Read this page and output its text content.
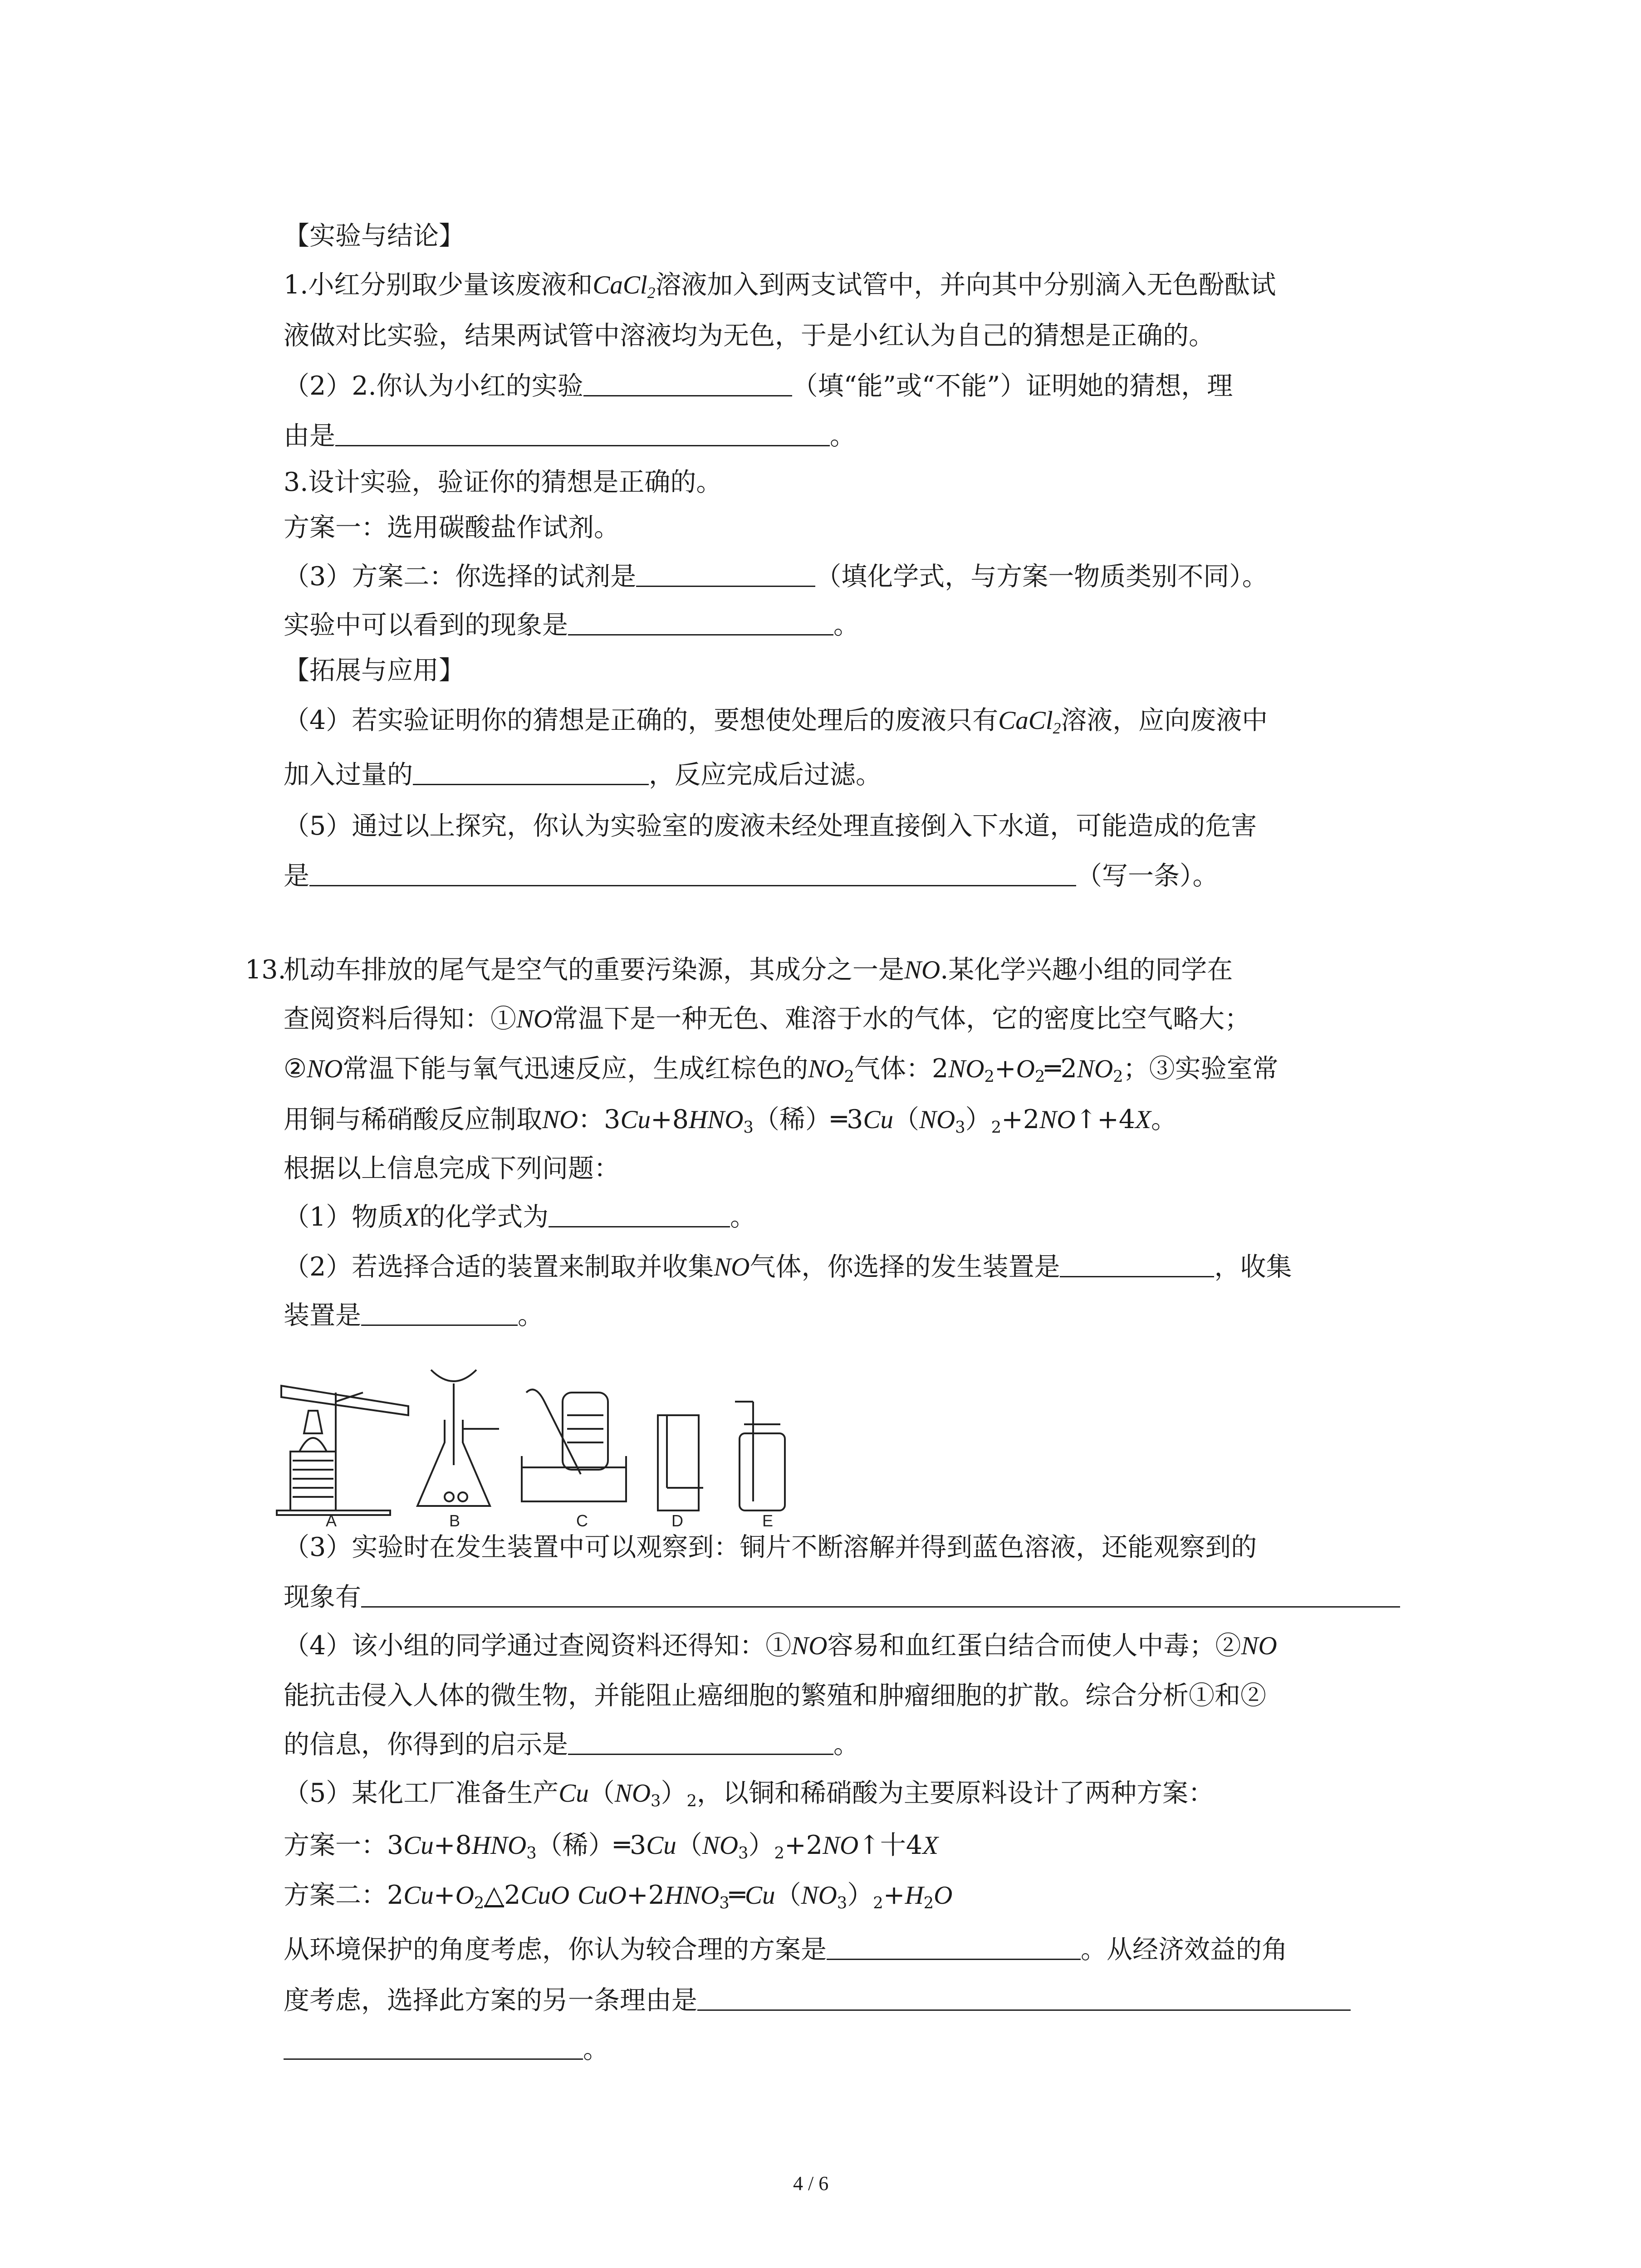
【实验与结论】
1.小红分别取少量该废液和CaCl$_2$溶液加入到两支试管中，并向其中分别滴入无色酚酞试
液做对比实验，结果两试管中溶液均为无色，于是小红认为自己的猜想是正确的。
（2）2.你认为小红的实验	（填“能”或“不能”）证明她的猜想，理
由是	。
3.设计实验，验证你的猜想是正确的。
方案一：选用碳酸盐作试剂。
（3）方案二：你选择的试剂是	（填化学式，与方案一物质类别不同）。
实验中可以看到的现象是	。
【拓展与应用】
（4）若实验证明你的猜想是正确的，要想使处理后的废液只有CaCl$_2$溶液，应向废液中
加入过量的	，反应完成后过滤。
（5）通过以上探究，你认为实验室的废液未经处理直接倒入下水道，可能造成的危害
是	（写一条）。
13.
机动车排放的尾气是空气的重要污染源，其成分之一是NO.某化学兴趣小组的同学在
查阅资料后得知：①NO常温下是一种无色、难溶于水的气体，它的密度比空气略大；
②NO常温下能与氧气迅速反应，生成红棕色的$NO_2$气体：$2NO_2+O_2═2NO_2$；③实验室常
用铜与稀硝酸反应制取NO：$3Cu+8HNO_3$（稀）$═3Cu(NO_3)_2+2NO↑+4X$。
根据以上信息完成下列问题：
（1）物质X的化学式为	。
（2）若选择合适的装置来制取并收集NO气体，你选择的发生装置是	，收集
装置是	。
A	B	C	D	E
（3）实验时在发生装置中可以观察到：铜片不断溶解并得到蓝色溶液，还能观察到的
现象有
（4）该小组的同学通过查阅资料还得知：①NO容易和血红蛋白结合而使人中毒；②NO
能抗击侵入人体的微生物，并能阻止癌细胞的繁殖和肿瘤细胞的扩散。综合分析①和②
的信息，你得到的启示是	。
（5）某化工厂准备生产$Cu(NO_3)_2$，以铜和稀硝酸为主要原料设计了两种方案：
方案一：$3Cu+8HNO_3$（稀）$═3Cu(NO_3)_2+2NO↑$十4X
方案二：$2Cu+O_2\triangle 2CuO$ $CuO+2HNO_3═Cu(NO_3)_2+H_2O$
从环境保护的角度考虑，你认为较合理的方案是	。从经济效益的角
度考虑，选择此方案的另一条理由是
。
4 / 6
